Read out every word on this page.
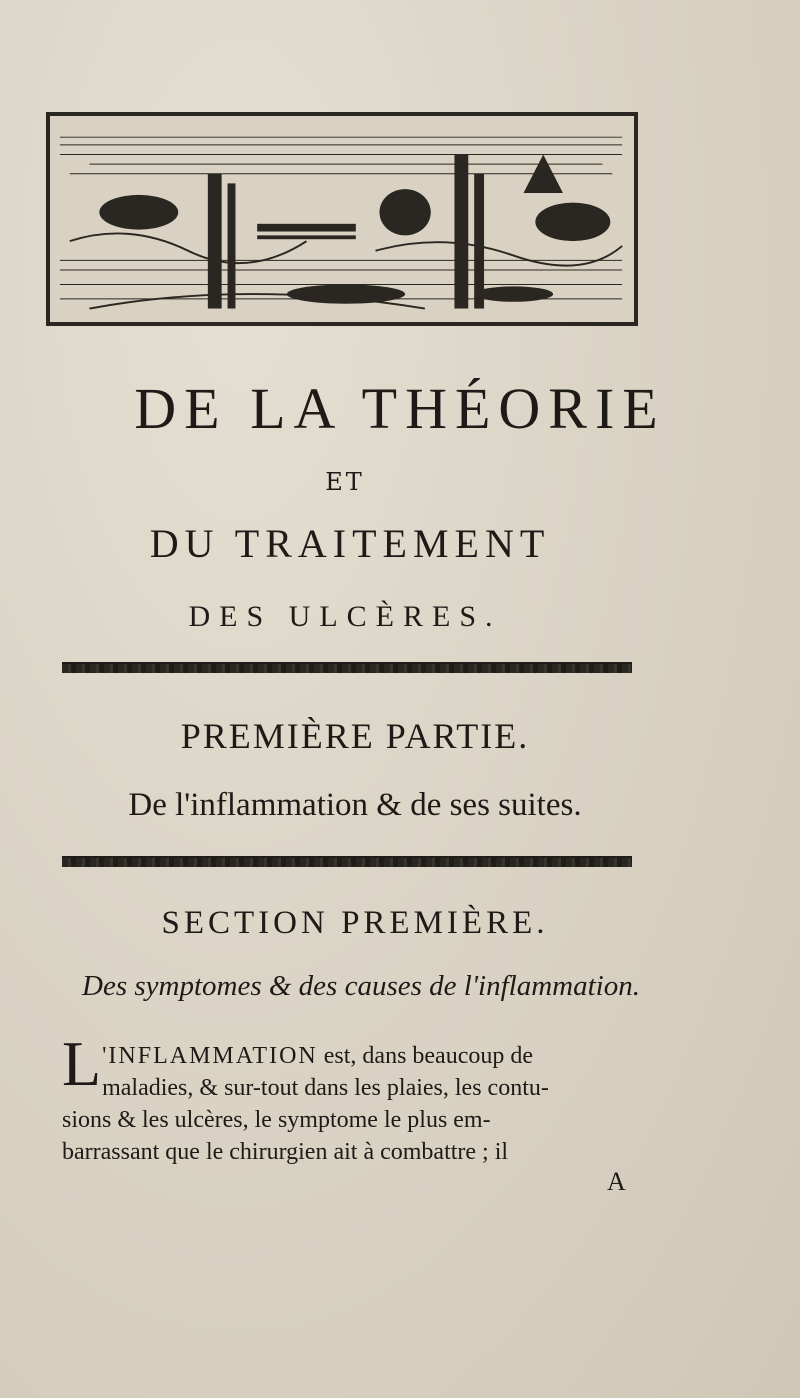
DE LA THÉORIE
ET
DU TRAITEMENT
DES ULCÈRES.
PREMIÈRE PARTIE.
De l'inflammation & de ses suites.
SECTION PREMIÈRE.
Des symptomes & des causes de l'inflammation.
L 'INFLAMMATION est, dans beaucoup de
maladies, & sur-tout dans les plaies, les contu-
sions & les ulcères, le symptome le plus em-
barrassant que le chirurgien ait à combattre ; il
A
